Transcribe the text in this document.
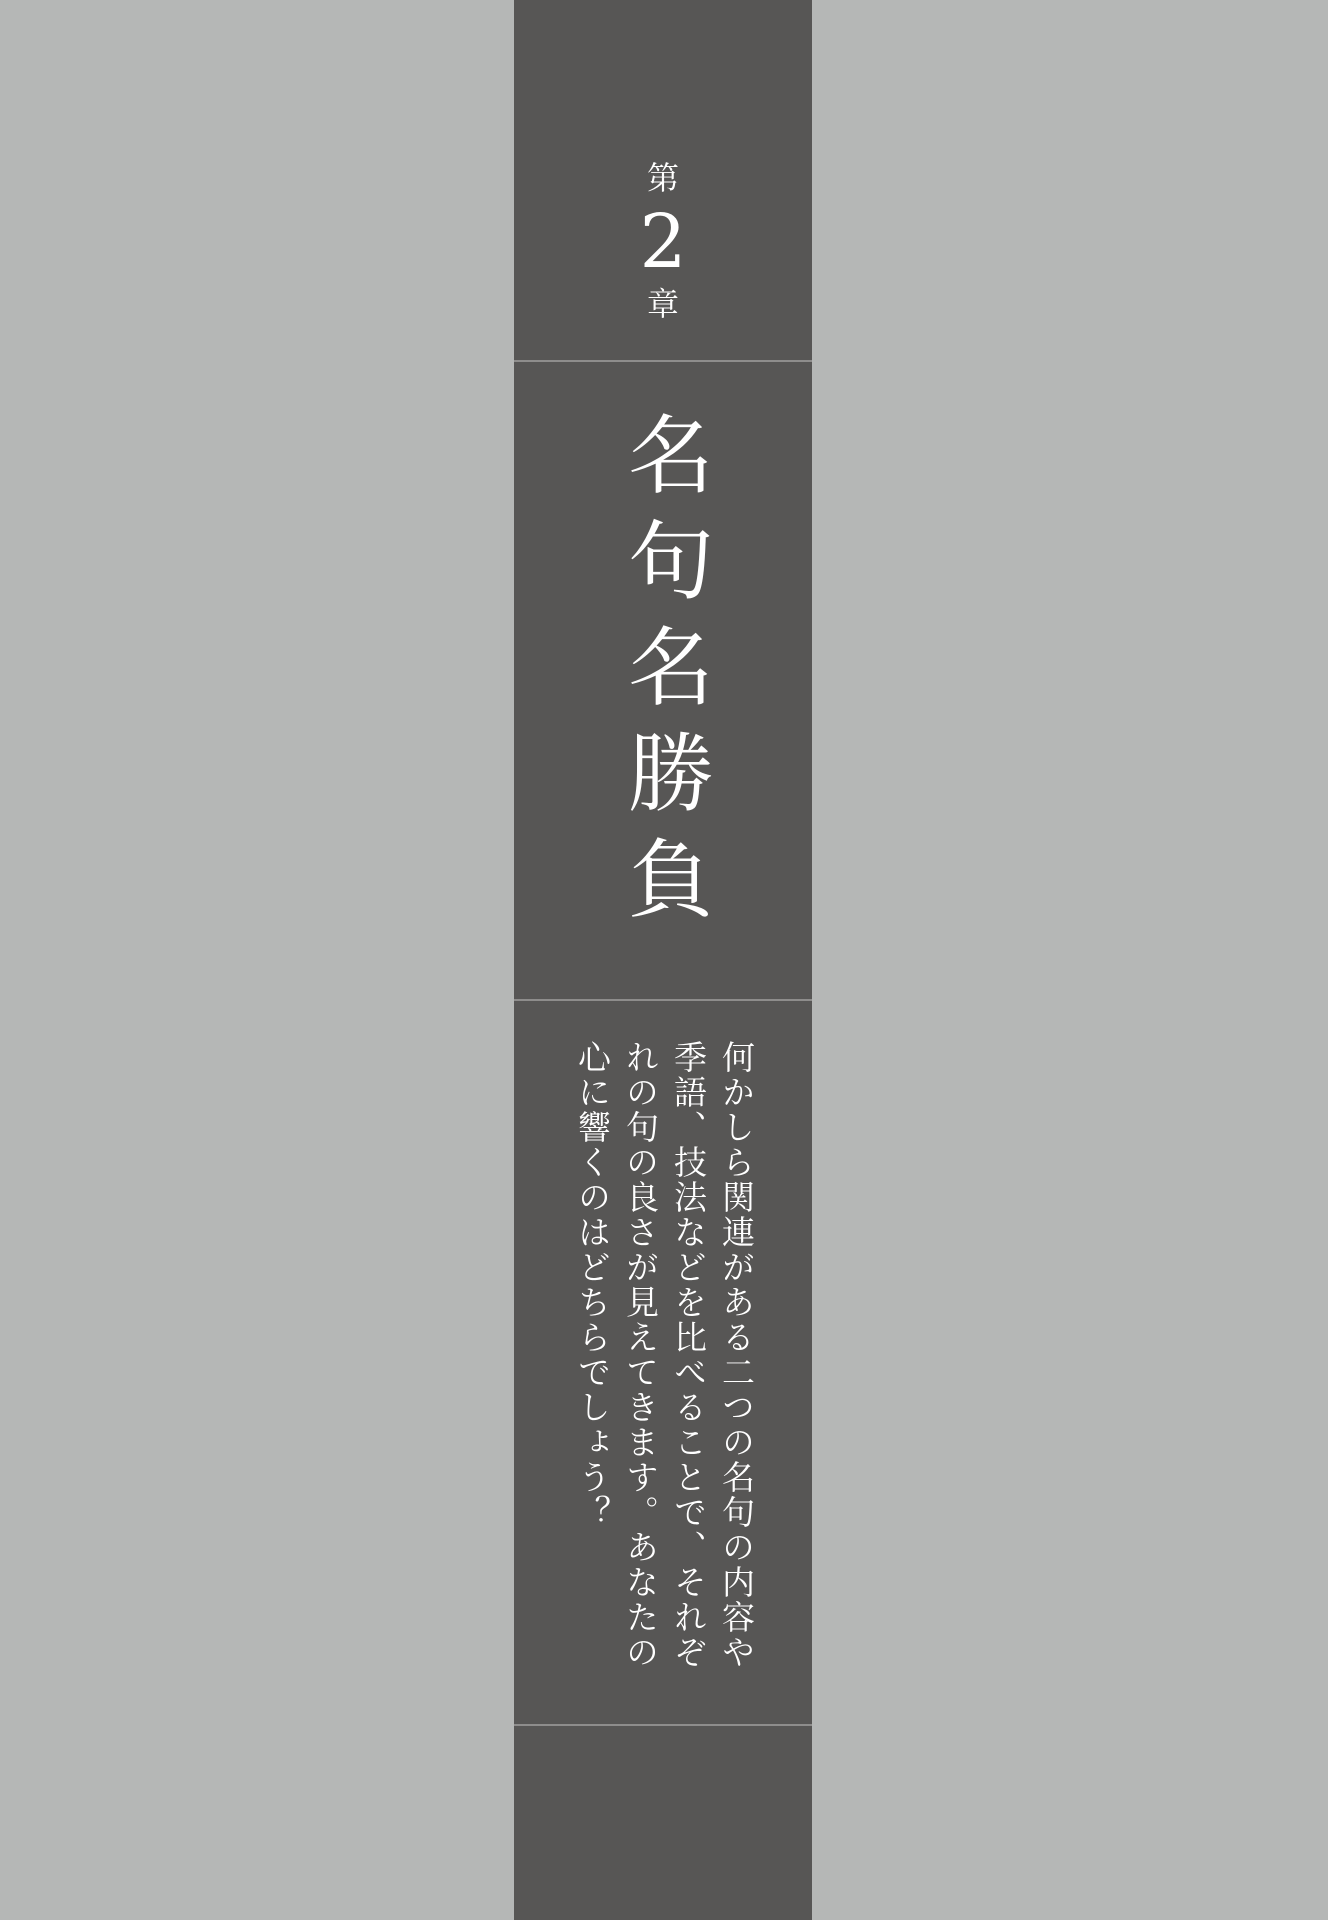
第
2
章
名句名勝負

何かしら関連がある二つの名句の内容や季語、技法などを比べることで、それぞれの句の良さが見えてきます。あなたの心に響くのはどちらでしょう？
